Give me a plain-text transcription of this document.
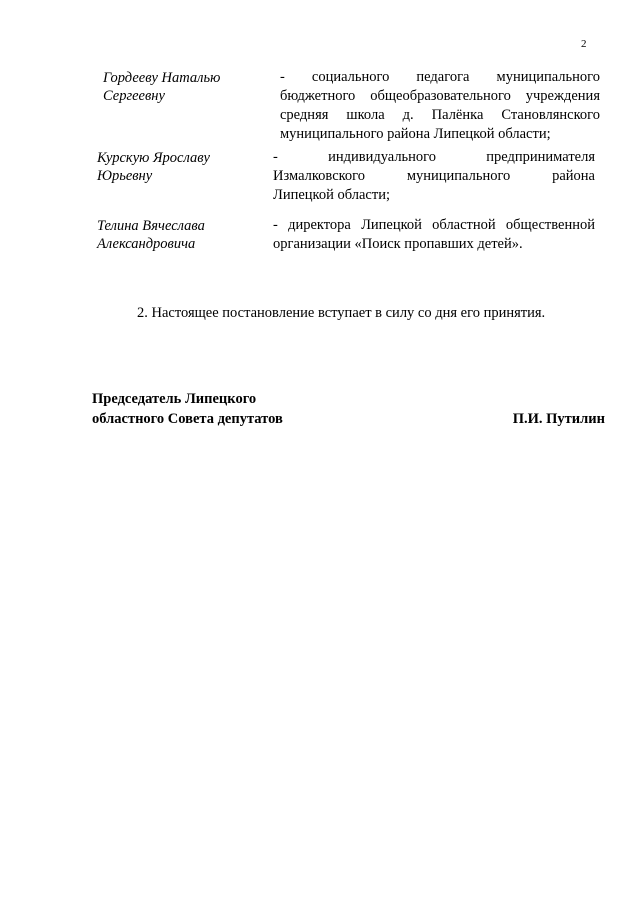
2
Гордееву Наталью
Сергеевну
- социального педагога муниципального
бюджетного общеобразовательного учреждения
средняя школа д. Палёнка Становлянского
муниципального района Липецкой области;
Курскую Ярославу
Юрьевну
- индивидуального предпринимателя
Измалковского муниципального района
Липецкой области;
Телина Вячеслава
Александровича
- директора Липецкой областной общественной
организации «Поиск пропавших детей».
2. Настоящее постановление вступает в силу со дня его принятия.
Председатель Липецкого
областного Совета депутатов	П.И. Путилин
